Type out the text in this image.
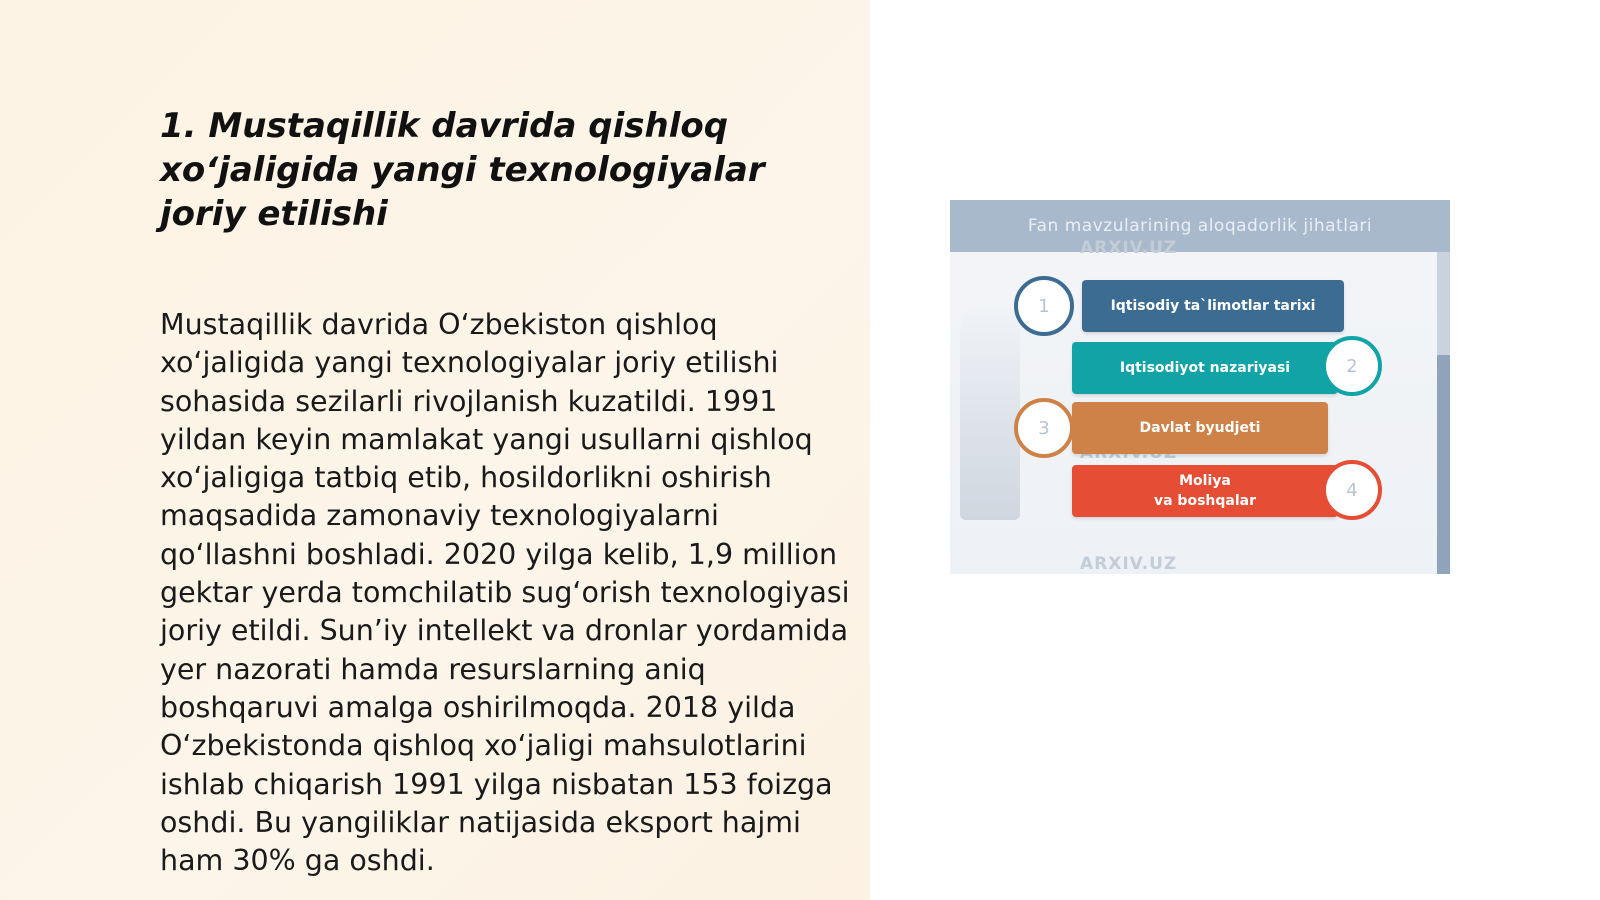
1. Mustaqillik davrida qishloq xo‘jaligida yangi texnologiyalar joriy etilishi

Mustaqillik davrida O‘zbekiston qishloq xo‘jaligida yangi texnologiyalar joriy etilishi sohasida sezilarli rivojlanish kuzatildi. 1991 yildan keyin mamlakat yangi usullarni qishloq xo‘jaligiga tatbiq etib, hosildorlikni oshirish maqsadida zamonaviy texnologiyalarni qo‘llashni boshladi. 2020 yilga kelib, 1,9 million gektar yerda tomchilatib sug‘orish texnologiyasi joriy etildi. Sun’iy intellekt va dronlar yordamida yer nazorati hamda resurslarning aniq boshqaruvi amalga oshirilmoqda. 2018 yilda O‘zbekistonda qishloq xo‘jaligi mahsulotlarini ishlab chiqarish 1991 yilga nisbatan 153 foizga oshdi. Bu yangiliklar natijasida eksport hajmi ham 30% ga oshdi.

Fan mavzularining aloqadorlik jihatlari
ARXIV.UZ
ARXIV.UZ
Iqtisodiy ta`limotlar tarixi
Iqtisodiyot nazariyasi
Davlat byudjeti
Moliya
va boshqalar
1
2
3
4
